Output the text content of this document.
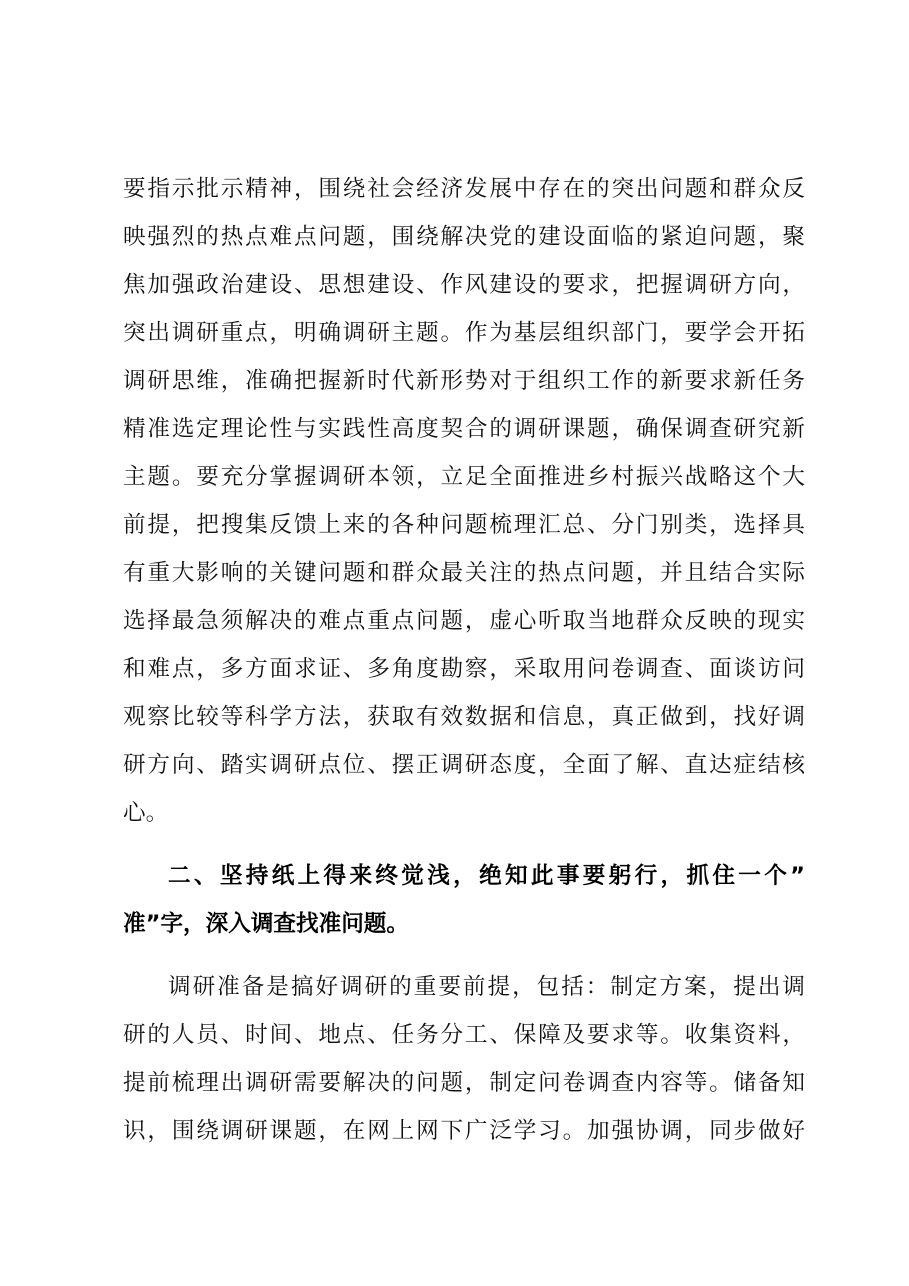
要指示批示精神，围绕社会经济发展中存在的突出问题和群众反
映强烈的热点难点问题，围绕解决党的建设面临的紧迫问题，聚
焦加强政治建设、思想建设、作风建设的要求，把握调研方向，
突出调研重点，明确调研主题。作为基层组织部门，要学会开拓
调研思维，准确把握新时代新形势对于组织工作的新要求新任务
精准选定理论性与实践性高度契合的调研课题，确保调查研究新
主题。要充分掌握调研本领，立足全面推进乡村振兴战略这个大
前提，把搜集反馈上来的各种问题梳理汇总、分门别类，选择具
有重大影响的关键问题和群众最关注的热点问题，并且结合实际
选择最急须解决的难点重点问题，虚心听取当地群众反映的现实
和难点，多方面求证、多角度勘察，采取用问卷调查、面谈访问
观察比较等科学方法，获取有效数据和信息，真正做到，找好调
研方向、踏实调研点位、摆正调研态度，全面了解、直达症结核
心。
二、坚持纸上得来终觉浅，绝知此事要躬行，抓住一个”
准”字，深入调查找准问题。
调研准备是搞好调研的重要前提，包括：制定方案，提出调
研的人员、时间、地点、任务分工、保障及要求等。收集资料，
提前梳理出调研需要解决的问题，制定问卷调查内容等。储备知
识，围绕调研课题，在网上网下广泛学习。加强协调，同步做好
